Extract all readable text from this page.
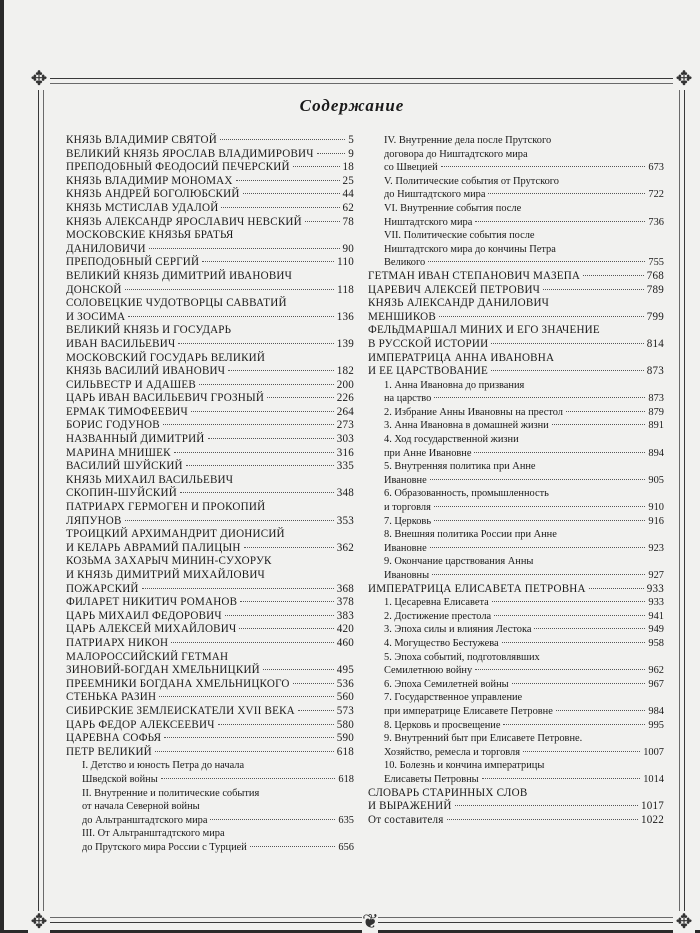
✥	✥
✥	✥
❦
Содержание
КНЯЗЬ ВЛАДИМИР СВЯТОЙ	5
ВЕЛИКИЙ КНЯЗЬ ЯРОСЛАВ ВЛАДИМИРОВИЧ	9
ПРЕПОДОБНЫЙ ФЕОДОСИЙ ПЕЧЕРСКИЙ	18
КНЯЗЬ ВЛАДИМИР МОНОМАХ	25
КНЯЗЬ АНДРЕЙ БОГОЛЮБСКИЙ	44
КНЯЗЬ МСТИСЛАВ УДАЛОЙ	62
КНЯЗЬ АЛЕКСАНДР ЯРОСЛАВИЧ НЕВСКИЙ	78
МОСКОВСКИЕ КНЯЗЬЯ БРАТЬЯ
ДАНИЛОВИЧИ	90
ПРЕПОДОБНЫЙ СЕРГИЙ	110
ВЕЛИКИЙ КНЯЗЬ ДИМИТРИЙ ИВАНОВИЧ
ДОНСКОЙ	118
СОЛОВЕЦКИЕ ЧУДОТВОРЦЫ САВВАТИЙ
И ЗОСИМА	136
ВЕЛИКИЙ КНЯЗЬ И ГОСУДАРЬ
ИВАН ВАСИЛЬЕВИЧ	139
МОСКОВСКИЙ ГОСУДАРЬ ВЕЛИКИЙ
КНЯЗЬ ВАСИЛИЙ ИВАНОВИЧ	182
СИЛЬВЕСТР И АДАШЕВ	200
ЦАРЬ ИВАН ВАСИЛЬЕВИЧ ГРОЗНЫЙ	226
ЕРМАК ТИМОФЕЕВИЧ	264
БОРИС ГОДУНОВ	273
НАЗВАННЫЙ ДИМИТРИЙ	303
МАРИНА МНИШЕК	316
ВАСИЛИЙ ШУЙСКИЙ	335
КНЯЗЬ МИХАИЛ ВАСИЛЬЕВИЧ
СКОПИН-ШУЙСКИЙ	348
ПАТРИАРХ ГЕРМОГЕН И ПРОКОПИЙ
ЛЯПУНОВ	353
ТРОИЦКИЙ АРХИМАНДРИТ ДИОНИСИЙ
И КЕЛАРЬ АВРАМИЙ ПАЛИЦЫН	362
КОЗЬМА ЗАХАРЫЧ МИНИН-СУХОРУК
И КНЯЗЬ ДИМИТРИЙ МИХАЙЛОВИЧ
ПОЖАРСКИЙ	368
ФИЛАРЕТ НИКИТИЧ РОМАНОВ	378
ЦАРЬ МИХАИЛ ФЕДОРОВИЧ	383
ЦАРЬ АЛЕКСЕЙ МИХАЙЛОВИЧ	420
ПАТРИАРХ НИКОН	460
МАЛОРОССИЙСКИЙ ГЕТМАН
ЗИНОВИЙ-БОГДАН ХМЕЛЬНИЦКИЙ	495
ПРЕЕМНИКИ БОГДАНА ХМЕЛЬНИЦКОГО	536
СТЕНЬКА РАЗИН	560
СИБИРСКИЕ ЗЕМЛЕИСКАТЕЛИ XVII ВЕКА	573
ЦАРЬ ФЕДОР АЛЕКСЕЕВИЧ	580
ЦАРЕВНА СОФЬЯ	590
ПЕТР ВЕЛИКИЙ	618
I. Детство и юность Петра до начала
Шведской войны	618
II. Внутренние и политические события
от начала Северной войны
до Альтранштадтского мира	635
III. От Альтранштадтского мира
до Прутского мира России с Турцией	656
IV. Внутренние дела после Прутского
договора до Ништадтского мира
со Швецией	673
V. Политические события от Прутского
до Ништадтского мира	722
VI. Внутренние события после
Ништадтского мира	736
VII. Политические события после
Ништадтского мира до кончины Петра
Великого	755
ГЕТМАН ИВАН СТЕПАНОВИЧ МАЗЕПА	768
ЦАРЕВИЧ АЛЕКСЕЙ ПЕТРОВИЧ	789
КНЯЗЬ АЛЕКСАНДР ДАНИЛОВИЧ
МЕНШИКОВ	799
ФЕЛЬДМАРШАЛ МИНИХ И ЕГО ЗНАЧЕНИЕ
В РУССКОЙ ИСТОРИИ	814
ИМПЕРАТРИЦА АННА ИВАНОВНА
И ЕЕ ЦАРСТВОВАНИЕ	873
1. Анна Ивановна до призвания
на царство	873
2. Избрание Анны Ивановны на престол	879
3. Анна Ивановна в домашней жизни	891
4. Ход государственной жизни
при Анне Ивановне	894
5. Внутренняя политика при Анне
Ивановне	905
6. Образованность, промышленность
и торговля	910
7. Церковь	916
8. Внешняя политика России при Анне
Ивановне	923
9. Окончание царствования Анны
Ивановны	927
ИМПЕРАТРИЦА ЕЛИСАВЕТА ПЕТРОВНА	933
1. Цесаревна Елисавета	933
2. Достижение престола	941
3. Эпоха силы и влияния Лестока	949
4. Могущество Бестужева	958
5. Эпоха событий, подготовлявших
Семилетнюю войну	962
6. Эпоха Семилетней войны	967
7. Государственное управление
при императрице Елисавете Петровне	984
8. Церковь и просвещение	995
9. Внутренний быт при Елисавете Петровне.
Хозяйство, ремесла и торговля	1007
10. Болезнь и кончина императрицы
Елисаветы Петровны	1014
СЛОВАРЬ СТАРИННЫХ СЛОВ
И ВЫРАЖЕНИЙ	1017
От составителя	1022
